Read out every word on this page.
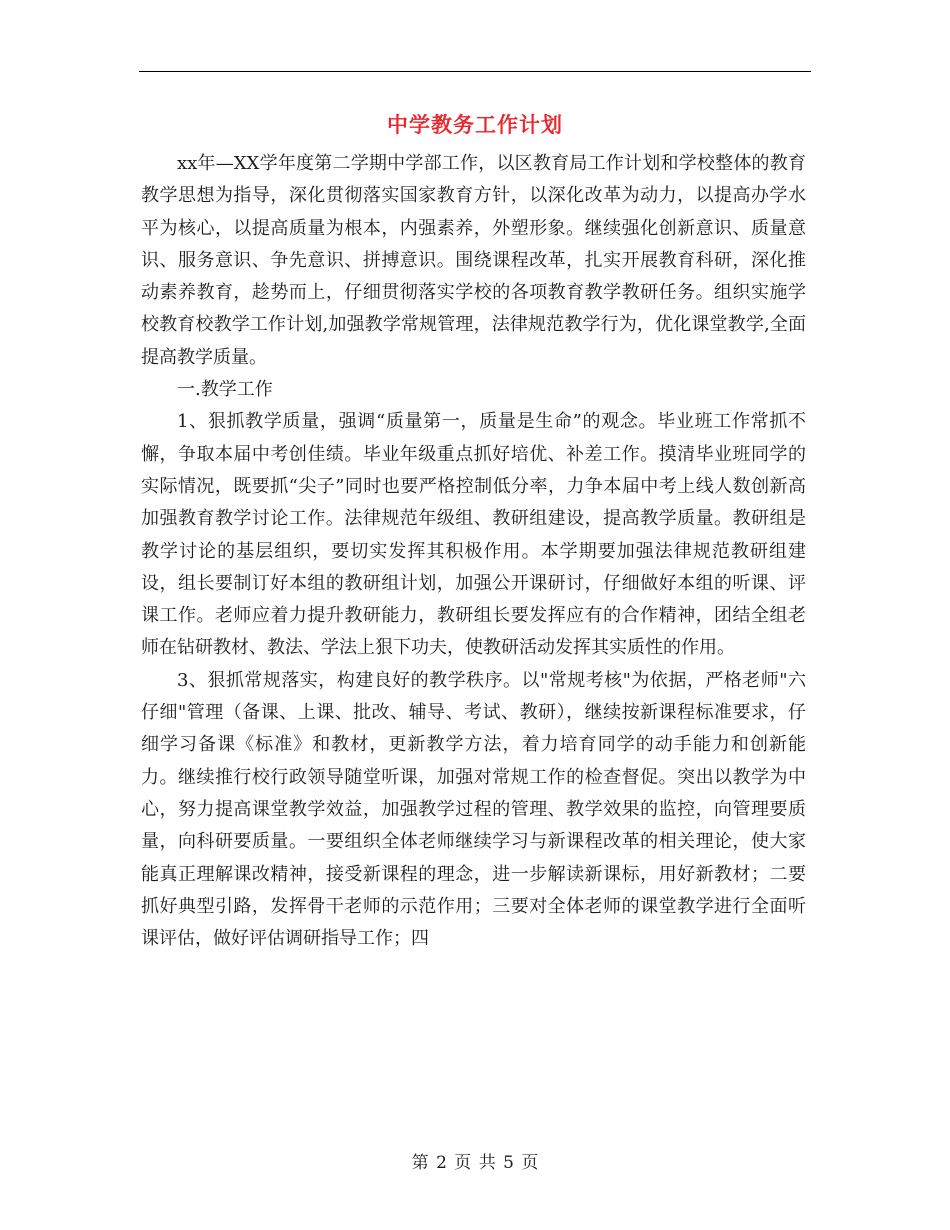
中学教务工作计划

xx年—XX学年度第二学期中学部工作，以区教育局工作计划和学校整体的教育教学思想为指导，深化贯彻落实国家教育方针，以深化改革为动力，以提高办学水平为核心，以提高质量为根本，内强素养，外塑形象。继续强化创新意识、质量意识、服务意识、争先意识、拼搏意识。围绕课程改革，扎实开展教育科研，深化推动素养教育，趁势而上，仔细贯彻落实学校的各项教育教学教研任务。组织实施学校教育校教学工作计划,加强教学常规管理，法律规范教学行为，优化课堂教学,全面提高教学质量。

一.教学工作

1、狠抓教学质量，强调“质量第一，质量是生命”的观念。毕业班工作常抓不懈，争取本届中考创佳绩。毕业年级重点抓好培优、补差工作。摸清毕业班同学的实际情况，既要抓“尖子”同时也要严格控制低分率，力争本届中考上线人数创新高加强教育教学讨论工作。法律规范年级组、教研组建设，提高教学质量。教研组是教学讨论的基层组织，要切实发挥其积极作用。本学期要加强法律规范教研组建设，组长要制订好本组的教研组计划，加强公开课研讨，仔细做好本组的听课、评课工作。老师应着力提升教研能力，教研组长要发挥应有的合作精神，团结全组老师在钻研教材、教法、学法上狠下功夫，使教研活动发挥其实质性的作用。

3、狠抓常规落实，构建良好的教学秩序。以"常规考核"为依据，严格老师"六仔细"管理（备课、上课、批改、辅导、考试、教研），继续按新课程标准要求，仔细学习备课《标准》和教材，更新教学方法，着力培育同学的动手能力和创新能力。继续推行校行政领导随堂听课，加强对常规工作的检查督促。突出以教学为中心，努力提高课堂教学效益，加强教学过程的管理、教学效果的监控，向管理要质量，向科研要质量。一要组织全体老师继续学习与新课程改革的相关理论，使大家能真正理解课改精神，接受新课程的理念，进一步解读新课标，用好新教材；二要抓好典型引路，发挥骨干老师的示范作用；三要对全体老师的课堂教学进行全面听课评估，做好评估调研指导工作；四

第 2 页 共 5 页
